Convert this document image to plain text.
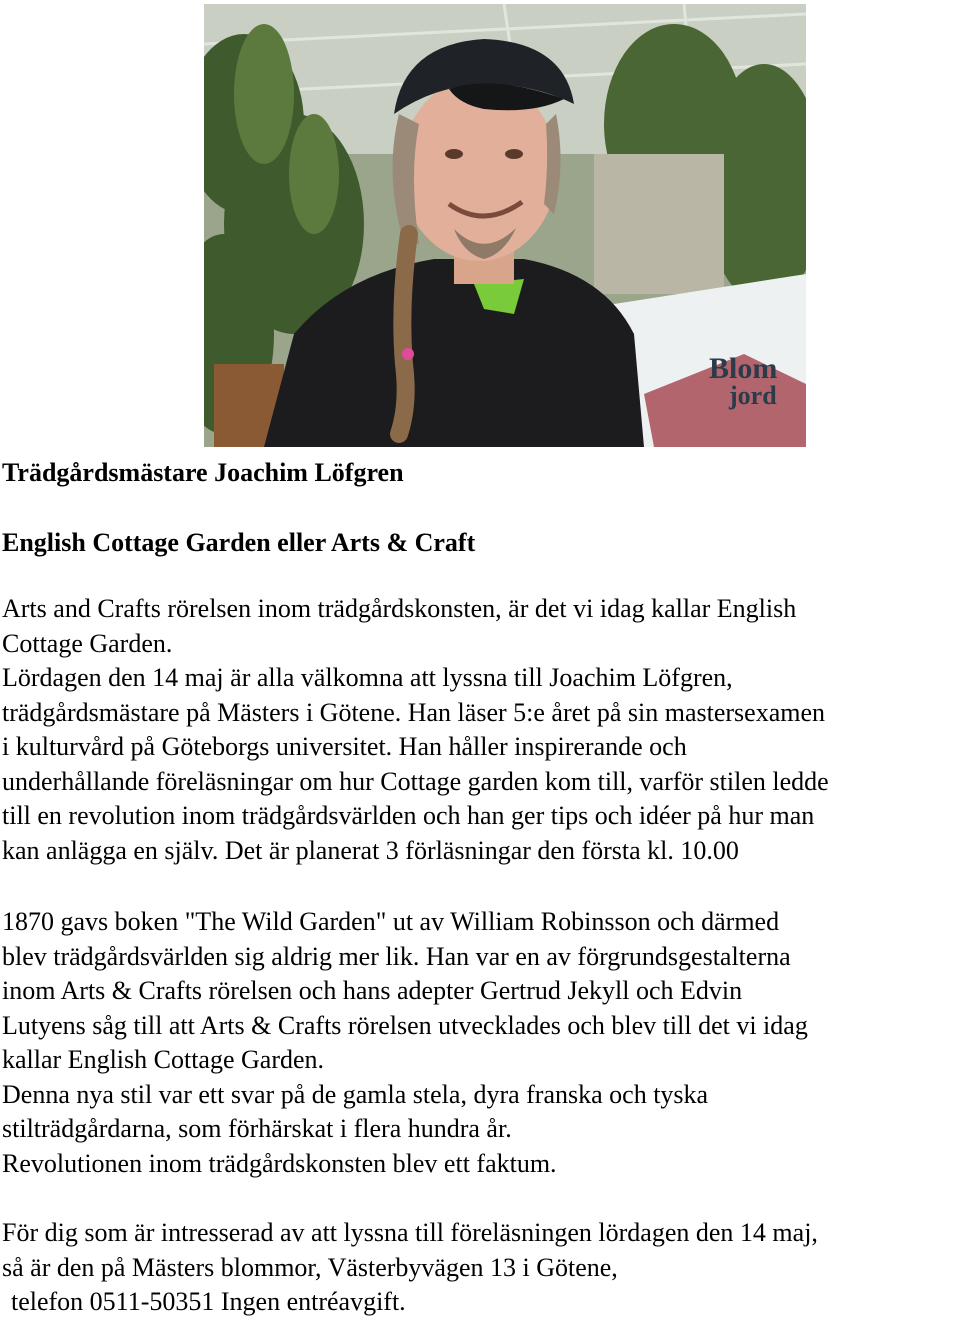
Blom
jord
Trädgårdsmästare Joachim Löfgren
English Cottage Garden eller Arts & Craft
Arts and Crafts rörelsen inom trädgårdskonsten, är det vi idag kallar English
Cottage Garden.
Lördagen den 14 maj är alla välkomna att lyssna till Joachim Löfgren,
trädgårdsmästare på Mästers i Götene. Han läser 5:e året på sin mastersexamen
i kulturvård på Göteborgs universitet. Han håller inspirerande och
underhållande föreläsningar om hur Cottage garden kom till, varför stilen ledde
till en revolution inom trädgårdsvärlden och han ger tips och idéer på hur man
kan anlägga en själv. Det är planerat 3 förläsningar den första kl. 10.00
1870 gavs boken "The Wild Garden" ut av William Robinsson och därmed
blev trädgårdsvärlden sig aldrig mer lik. Han var en av förgrundsgestalterna
inom Arts & Crafts rörelsen och hans adepter Gertrud Jekyll och Edvin
Lutyens såg till att Arts & Crafts rörelsen utvecklades och blev till det vi idag
kallar English Cottage Garden.
Denna nya stil var ett svar på de gamla stela, dyra franska och tyska
stilträdgårdarna, som förhärskat i flera hundra år.
Revolutionen inom trädgårdskonsten blev ett faktum.
För dig som är intresserad av att lyssna till föreläsningen lördagen den 14 maj,
så är den på Mästers blommor, Västerbyvägen 13 i Götene,
telefon 0511-50351 Ingen entréavgift.
